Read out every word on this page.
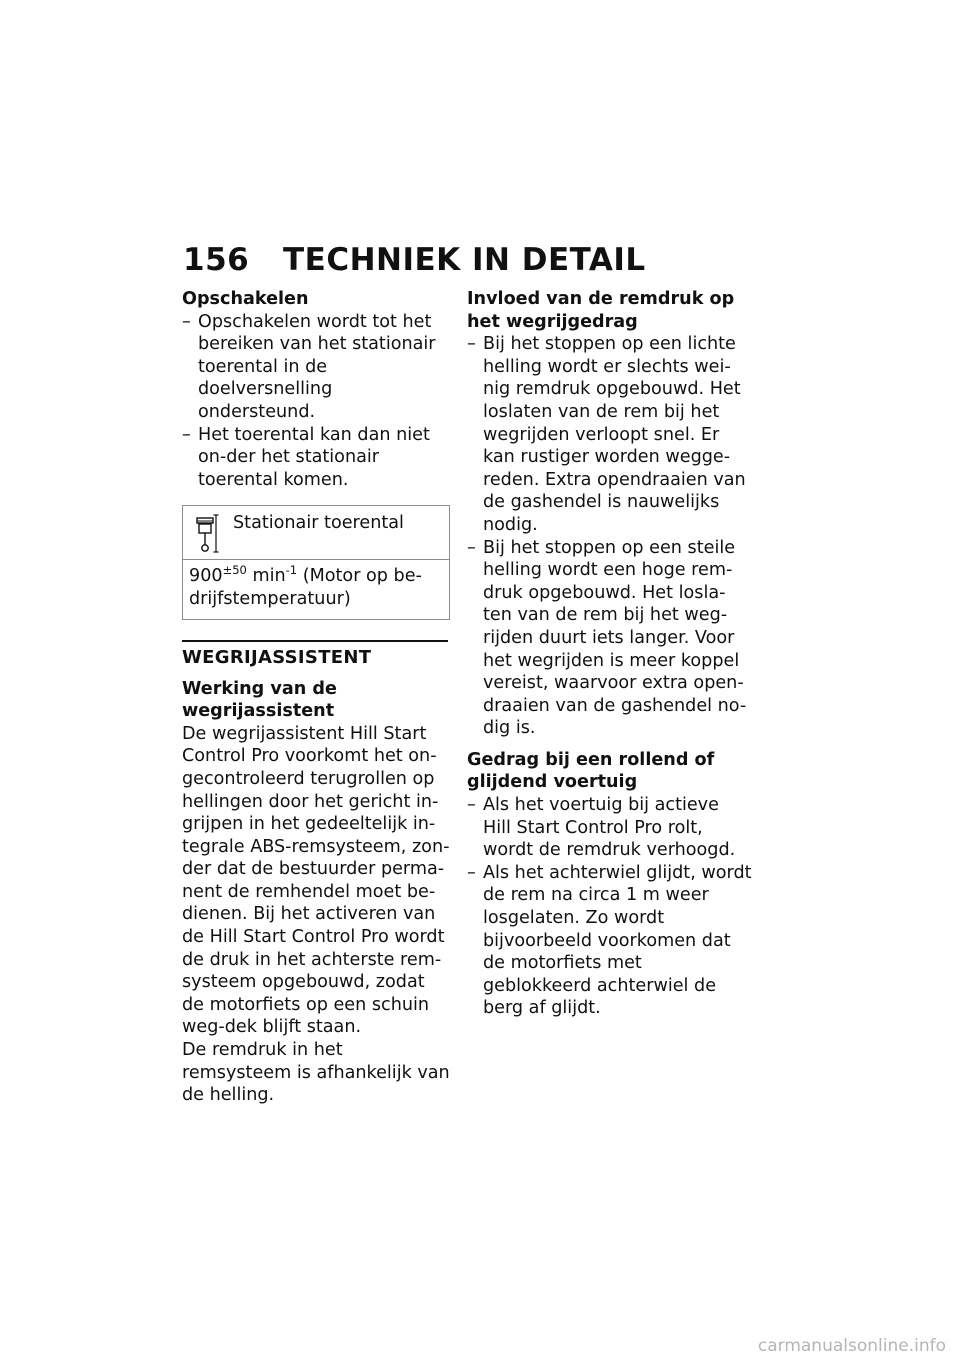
156 TECHNIEK IN DETAIL

Opschakelen

– Opschakelen wordt tot het bereiken van het stationair toerental in de doelversnelling ondersteund.
– Het toerental kan dan niet on-der het stationair toerental komen.
Stationair toerental
$900^{\pm 50}$ $\min^{-1}$ (Motor op be-drijfstemperatuur)

WEGRIJASSISTENT

Werking van de wegrijassistent

De wegrijassistent Hill Start Control Pro voorkomt het on-gecontroleerd terugrollen op hellingen door het gericht in-grijpen in het gedeeltelijk in-tegrale ABS-remsysteem, zon-der dat de bestuurder perma-nent de remhendel moet be-dienen. Bij het activeren van de Hill Start Control Pro wordt de druk in het achterste rem-systeem opgebouwd, zodat de motorfiets op een schuin weg-dek blijft staan.

De remdruk in het remsysteem is afhankelijk van de helling.

Invloed van de remdruk op het wegrijgedrag

– Bij het stoppen op een lichte helling wordt er slechts wei-nig remdruk opgebouwd. Het loslaten van de rem bij het wegrijden verloopt snel. Er kan rustiger worden wegge-reden. Extra opendraaien van de gashendel is nauwelijks nodig.
– Bij het stoppen op een steile helling wordt een hoge rem-druk opgebouwd. Het losla-ten van de rem bij het weg-rijden duurt iets langer. Voor het wegrijden is meer koppel vereist, waarvoor extra open-draaien van de gashendel no-dig is.

Gedrag bij een rollend of glijdend voertuig

– Als het voertuig bij actieve Hill Start Control Pro rolt, wordt de remdruk verhoogd.
– Als het achterwiel glijdt, wordt de rem na circa 1 m weer losgelaten. Zo wordt bijvoorbeeld voorkomen dat de motorfiets met geblokkeerd achterwiel de berg af glijdt.
carmanualsonline.info
